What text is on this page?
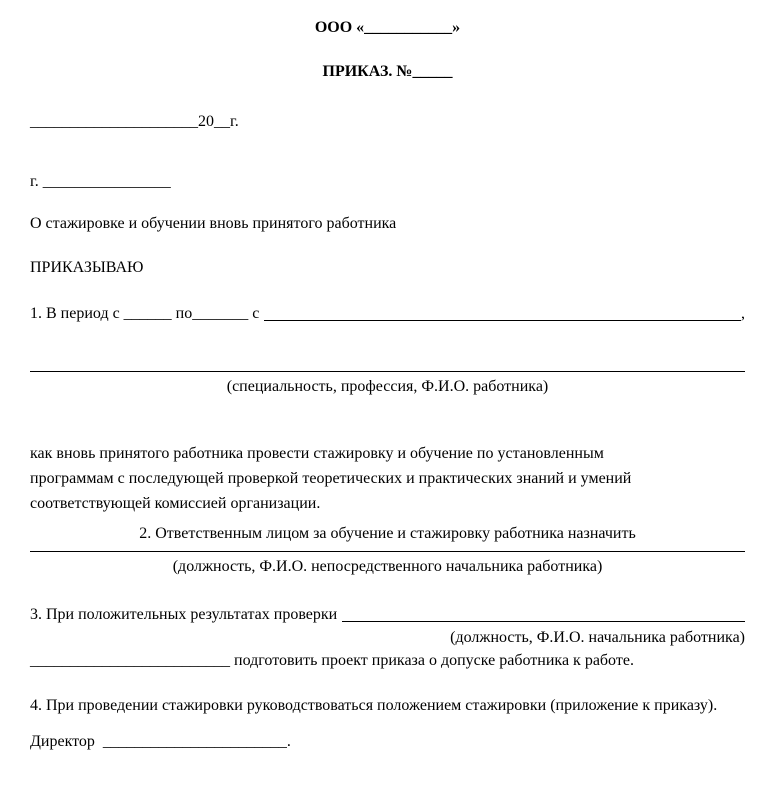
ООО «___________»
ПРИКАЗ. №_____
_____________________20__г.
г. ________________
О стажировке и обучении вновь принятого работника
ПРИКАЗЫВАЮ
1. В период с ______ по_______ с	,
(специальность, профессия, Ф.И.О. работника)
как вновь принятого работника провести стажировку и обучение по установленным
программам с последующей проверкой теоретических и практических знаний и умений
соответствующей комиссией организации.
2. Ответственным лицом за обучение и стажировку работника назначить
(должность, Ф.И.О. непосредственного начальника работника)
3. При положительных результатах проверки
(должность, Ф.И.О. начальника работника)
_________________________ подготовить проект приказа о допуске работника к работе.
4. При проведении стажировки руководствоваться положением стажировки (приложение к приказу).
Директор  _______________________.
